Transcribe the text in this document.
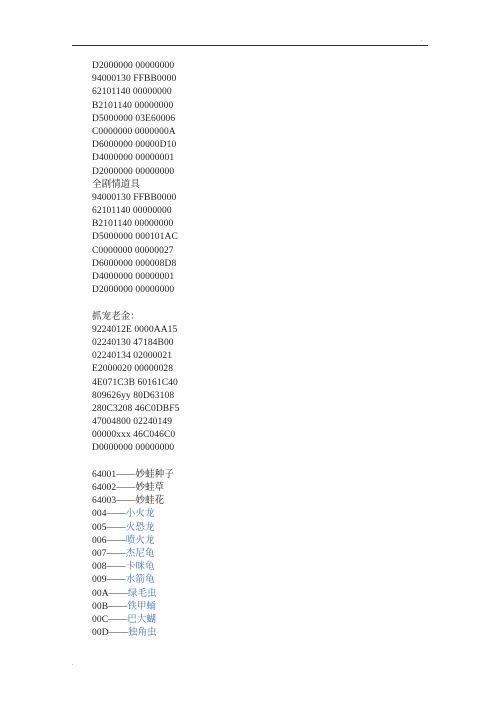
.
D2000000 00000000
94000130 FFBB0000
62101140 00000000
B2101140 00000000
D5000000 03E60006
C0000000 0000000A
D6000000 00000D10
D4000000 00000001
D2000000 00000000
全剧情道具
94000130 FFBB0000
62101140 00000000
B2101140 00000000
D5000000 000101AC
C0000000 00000027
D6000000 000008D8
D4000000 00000001
D2000000 00000000
抓宠老金：
9224012E 0000AA15
02240130 47184B00
02240134 02000021
E2000020 00000028
4E071C3B 60161C40
809626yy 80D63108
280C3208 46C0DBF5
47004800 02240149
00000xxx 46C046C0
D0000000 00000000
64001——妙蛙种子
64002——妙蛙草
64003——妙蛙花
004——小火龙
005——火恐龙
006——喷火龙
007——杰尼龟
008——卡咪龟
009——水箭龟
00A——绿毛虫
00B——铁甲蛹
00C——巴大蝴
00D——独角虫
.
